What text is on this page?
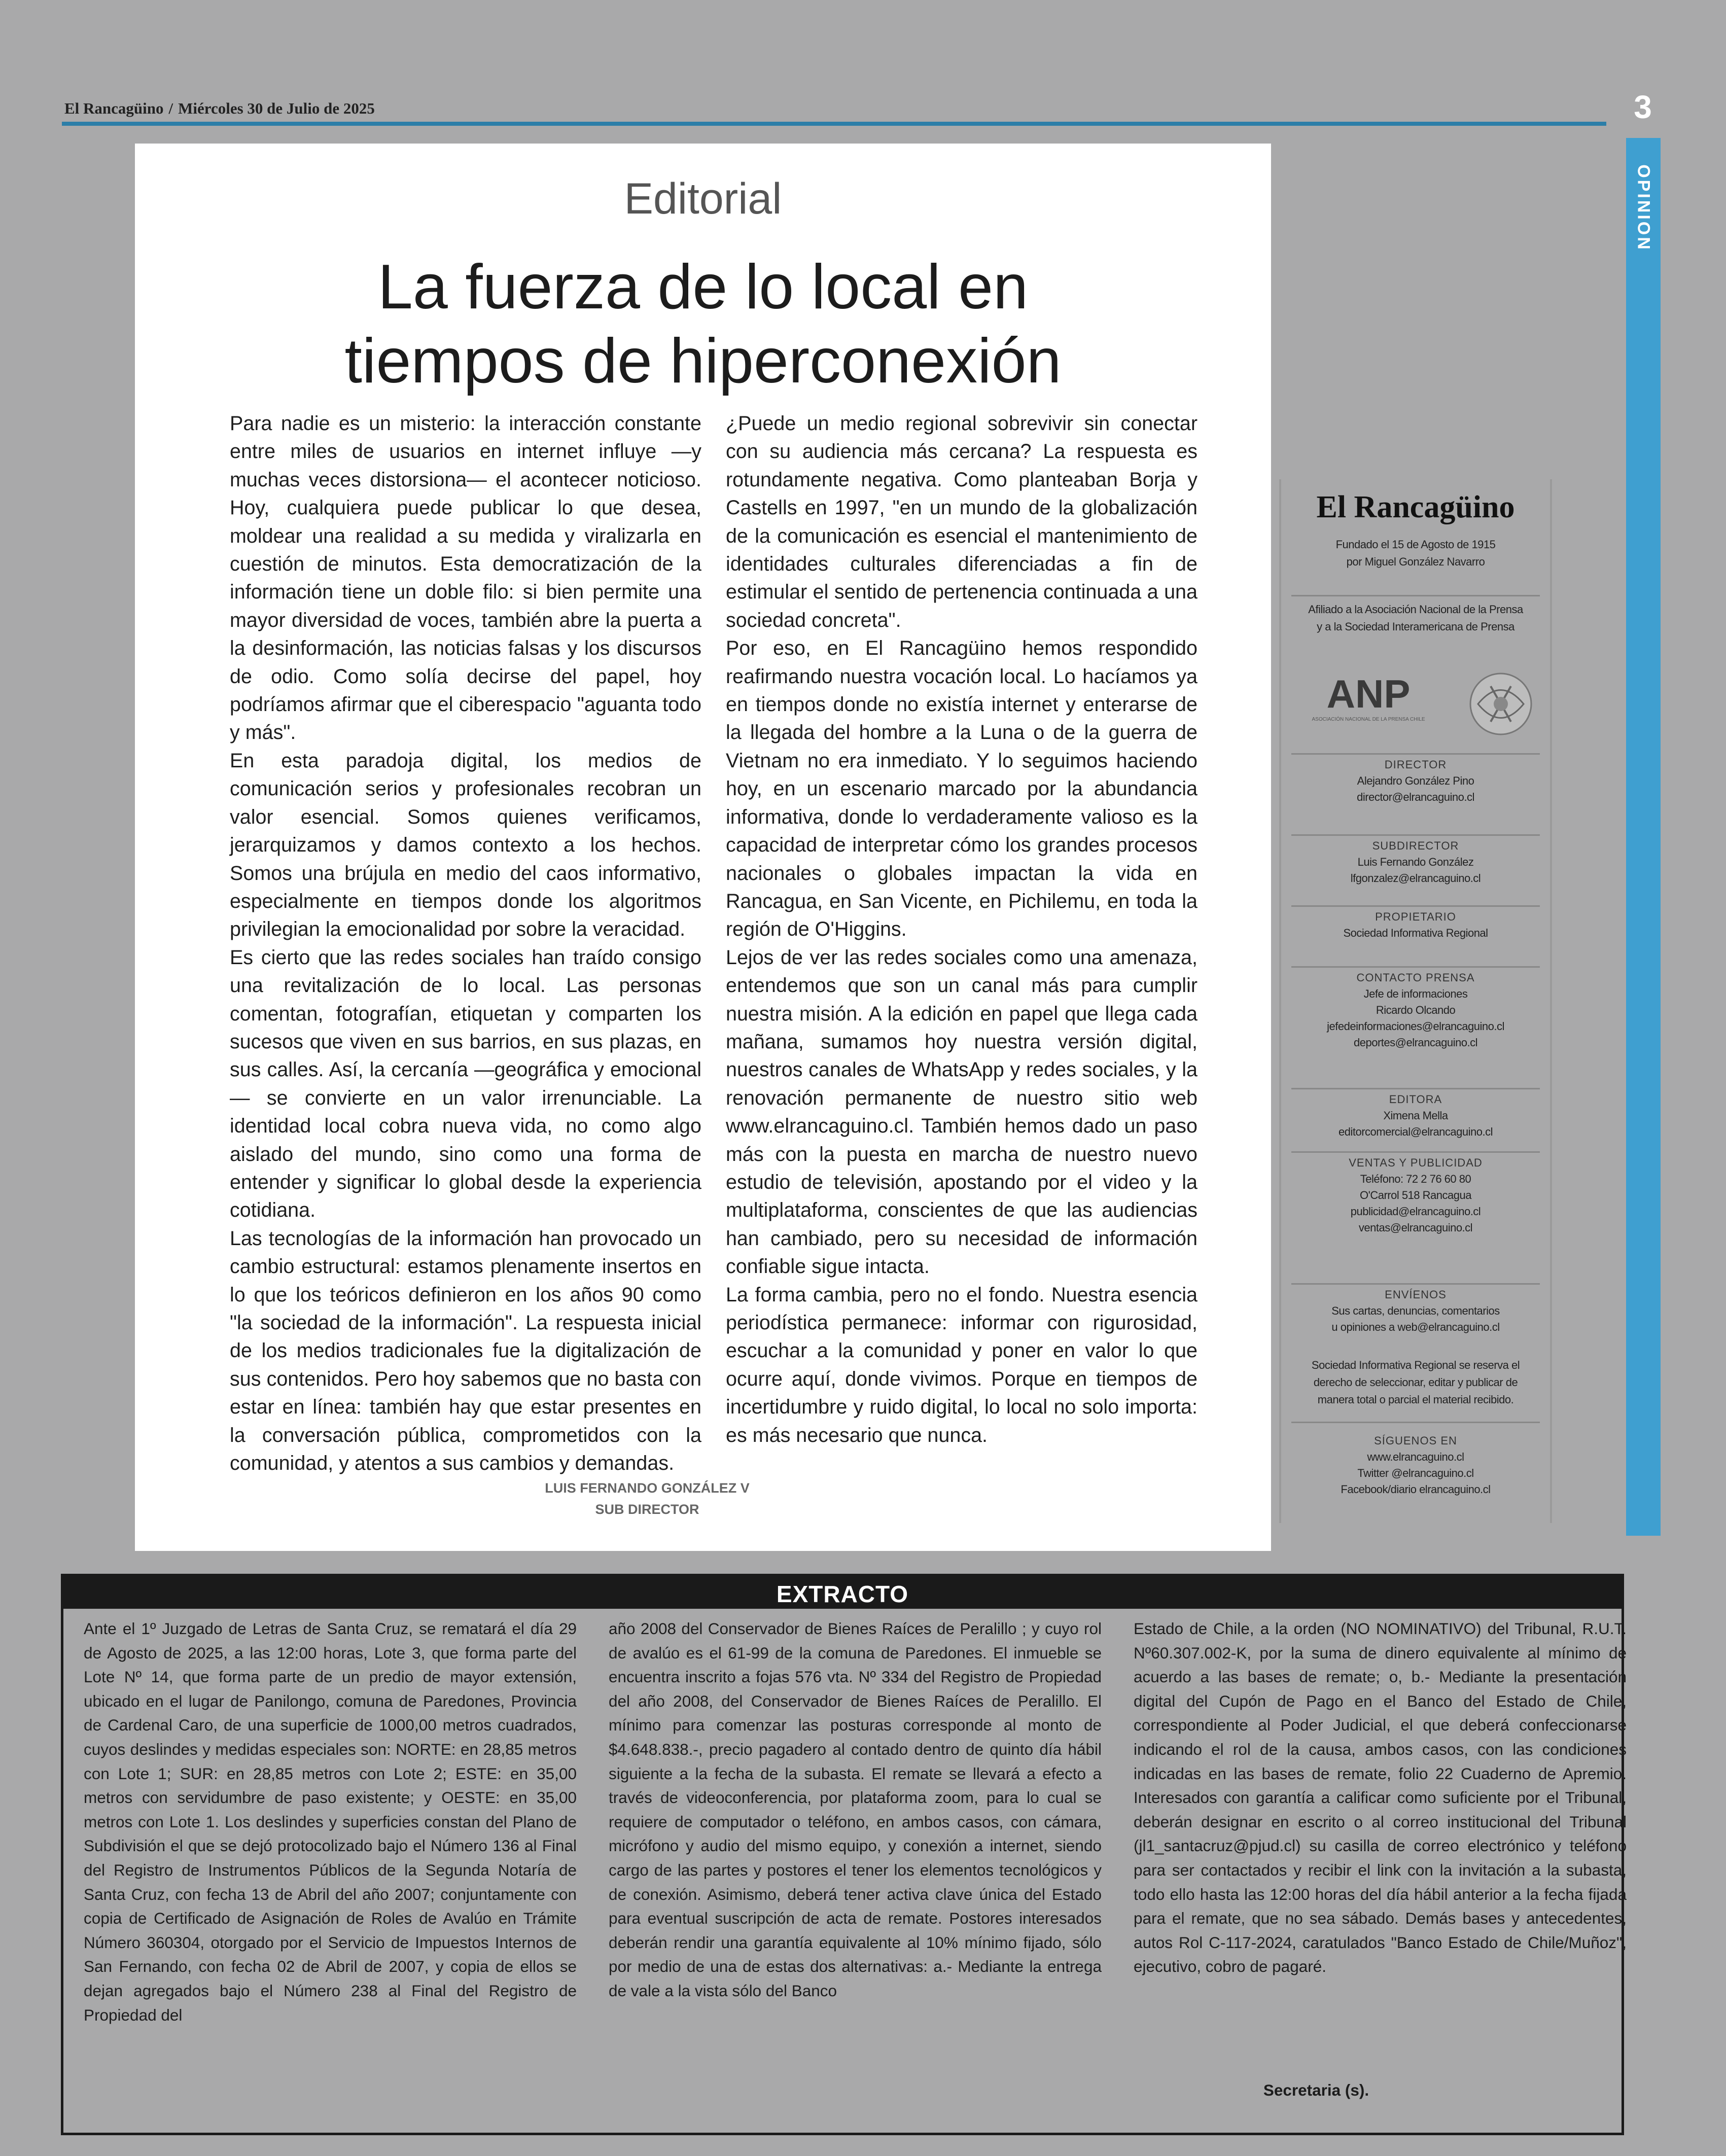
El Rancagüino / Miércoles 30 de Julio de 2025	3
OPINION
Editorial
La fuerza de lo local en tiempos de hiperconexión

Para nadie es un misterio: la interacción constante entre miles de usuarios en internet influye —y muchas veces distorsiona— el acontecer noticioso. Hoy, cualquiera puede publicar lo que desea, moldear una realidad a su medida y viralizarla en cuestión de minutos. Esta democratización de la información tiene un doble filo: si bien permite una mayor diversidad de voces, también abre la puerta a la desinformación, las noticias falsas y los discursos de odio. Como solía decirse del papel, hoy podríamos afirmar que el ciberespacio "aguanta todo y más".

En esta paradoja digital, los medios de comunicación serios y profesionales recobran un valor esencial. Somos quienes verificamos, jerarquizamos y damos contexto a los hechos. Somos una brújula en medio del caos informativo, especialmente en tiempos donde los algoritmos privilegian la emocionalidad por sobre la veracidad.

Es cierto que las redes sociales han traído consigo una revitalización de lo local. Las personas comentan, fotografían, etiquetan y comparten los sucesos que viven en sus barrios, en sus plazas, en sus calles. Así, la cercanía —geográfica y emocional— se convierte en un valor irrenunciable. La identidad local cobra nueva vida, no como algo aislado del mundo, sino como una forma de entender y significar lo global desde la experiencia cotidiana.

Las tecnologías de la información han provocado un cambio estructural: estamos plenamente insertos en lo que los teóricos definieron en los años 90 como "la sociedad de la información". La respuesta inicial de los medios tradicionales fue la digitalización de sus contenidos. Pero hoy sabemos que no basta con estar en línea: también hay que estar presentes en la conversación pública, comprometidos con la comunidad, y atentos a sus cambios y demandas.

¿Puede un medio regional sobrevivir sin conectar con su audiencia más cercana? La respuesta es rotundamente negativa. Como planteaban Borja y Castells en 1997, "en un mundo de la globalización de la comunicación es esencial el mantenimiento de identidades culturales diferenciadas a fin de estimular el sentido de pertenencia continuada a una sociedad concreta".

Por eso, en El Rancagüino hemos respondido reafirmando nuestra vocación local. Lo hacíamos ya en tiempos donde no existía internet y enterarse de la llegada del hombre a la Luna o de la guerra de Vietnam no era inmediato. Y lo seguimos haciendo hoy, en un escenario marcado por la abundancia informativa, donde lo verdaderamente valioso es la capacidad de interpretar cómo los grandes procesos nacionales o globales impactan la vida en Rancagua, en San Vicente, en Pichilemu, en toda la región de O'Higgins.

Lejos de ver las redes sociales como una amenaza, entendemos que son un canal más para cumplir nuestra misión. A la edición en papel que llega cada mañana, sumamos hoy nuestra versión digital, nuestros canales de WhatsApp y redes sociales, y la renovación permanente de nuestro sitio web www.elrancaguino.cl. También hemos dado un paso más con la puesta en marcha de nuestro nuevo estudio de televisión, apostando por el video y la multiplataforma, conscientes de que las audiencias han cambiado, pero su necesidad de información confiable sigue intacta.

La forma cambia, pero no el fondo. Nuestra esencia periodística permanece: informar con rigurosidad, escuchar a la comunidad y poner en valor lo que ocurre aquí, donde vivimos. Porque en tiempos de incertidumbre y ruido digital, lo local no solo importa: es más necesario que nunca.

LUIS FERNANDO GONZÁLEZ V
SUB DIRECTOR
El Rancagüino
Fundado el 15 de Agosto de 1915
por Miguel González Navarro
Afiliado a la Asociación Nacional de la Prensa
y a la Sociedad Interamericana de Prensa
ANP
ASOCIACIÓN NACIONAL DE LA PRENSA CHILE
DIRECTOR
Alejandro González Pino
director@elrancaguino.cl
SUBDIRECTOR
Luis Fernando González
lfgonzalez@elrancaguino.cl
PROPIETARIO
Sociedad Informativa Regional
CONTACTO PRENSA
Jefe de informaciones
Ricardo Olcando
jefedeinformaciones@elrancaguino.cl
deportes@elrancaguino.cl
EDITORA
Ximena Mella
editorcomercial@elrancaguino.cl
VENTAS Y PUBLICIDAD
Teléfono: 72 2 76 60 80
O'Carrol 518 Rancagua
publicidad@elrancaguino.cl
ventas@elrancaguino.cl
ENVÍENOS
Sus cartas, denuncias, comentarios
u opiniones a web@elrancaguino.cl
Sociedad Informativa Regional se reserva el derecho de seleccionar, editar y publicar de manera total o parcial el material recibido.
SÍGUENOS EN
www.elrancaguino.cl
Twitter @elrancaguino.cl
Facebook/diario elrancaguino.cl
EXTRACTO

Ante el 1º Juzgado de Letras de Santa Cruz, se rematará el día 29 de Agosto de 2025, a las 12:00 horas, Lote 3, que forma parte del Lote Nº 14, que forma parte de un predio de mayor extensión, ubicado en el lugar de Panilongo, comuna de Paredones, Provincia de Cardenal Caro, de una superficie de 1000,00 metros cuadrados, cuyos deslindes y medidas especiales son: NORTE: en 28,85 metros con Lote 1; SUR: en 28,85 metros con Lote 2; ESTE: en 35,00 metros con servidumbre de paso existente; y OESTE: en 35,00 metros con Lote 1. Los deslindes y superficies constan del Plano de Subdivisión el que se dejó protocolizado bajo el Número 136 al Final del Registro de Instrumentos Públicos de la Segunda Notaría de Santa Cruz, con fecha 13 de Abril del año 2007; conjuntamente con copia de Certificado de Asignación de Roles de Avalúo en Trámite Número 360304, otorgado por el Servicio de Impuestos Internos de San Fernando, con fecha 02 de Abril de 2007, y copia de ellos se dejan agregados bajo el Número 238 al Final del Registro de Propiedad del

año 2008 del Conservador de Bienes Raíces de Peralillo ; y cuyo rol de avalúo es el 61-99 de la comuna de Paredones. El inmueble se encuentra inscrito a fojas 576 vta. Nº 334 del Registro de Propiedad del año 2008, del Conservador de Bienes Raíces de Peralillo. El mínimo para comenzar las posturas corresponde al monto de $4.648.838.-, precio pagadero al contado dentro de quinto día hábil siguiente a la fecha de la subasta. El remate se llevará a efecto a través de videoconferencia, por plataforma zoom, para lo cual se requiere de computador o teléfono, en ambos casos, con cámara, micrófono y audio del mismo equipo, y conexión a internet, siendo cargo de las partes y postores el tener los elementos tecnológicos y de conexión. Asimismo, deberá tener activa clave única del Estado para eventual suscripción de acta de remate. Postores interesados deberán rendir una garantía equivalente al 10% mínimo fijado, sólo por medio de una de estas dos alternativas: a.- Mediante la entrega de vale a la vista sólo del Banco

Estado de Chile, a la orden (NO NOMINATIVO) del Tribunal, R.U.T. Nº60.307.002-K, por la suma de dinero equivalente al mínimo de acuerdo a las bases de remate; o, b.- Mediante la presentación digital del Cupón de Pago en el Banco del Estado de Chile, correspondiente al Poder Judicial, el que deberá confeccionarse indicando el rol de la causa, ambos casos, con las condiciones indicadas en las bases de remate, folio 22 Cuaderno de Apremio. Interesados con garantía a calificar como suficiente por el Tribunal, deberán designar en escrito o al correo institucional del Tribunal (jl1_santacruz@pjud.cl) su casilla de correo electrónico y teléfono para ser contactados y recibir el link con la invitación a la subasta, todo ello hasta las 12:00 horas del día hábil anterior a la fecha fijada para el remate, que no sea sábado. Demás bases y antecedentes, autos Rol C-117-2024, caratulados "Banco Estado de Chile/Muñoz", ejecutivo, cobro de pagaré.

Secretaria (s).
